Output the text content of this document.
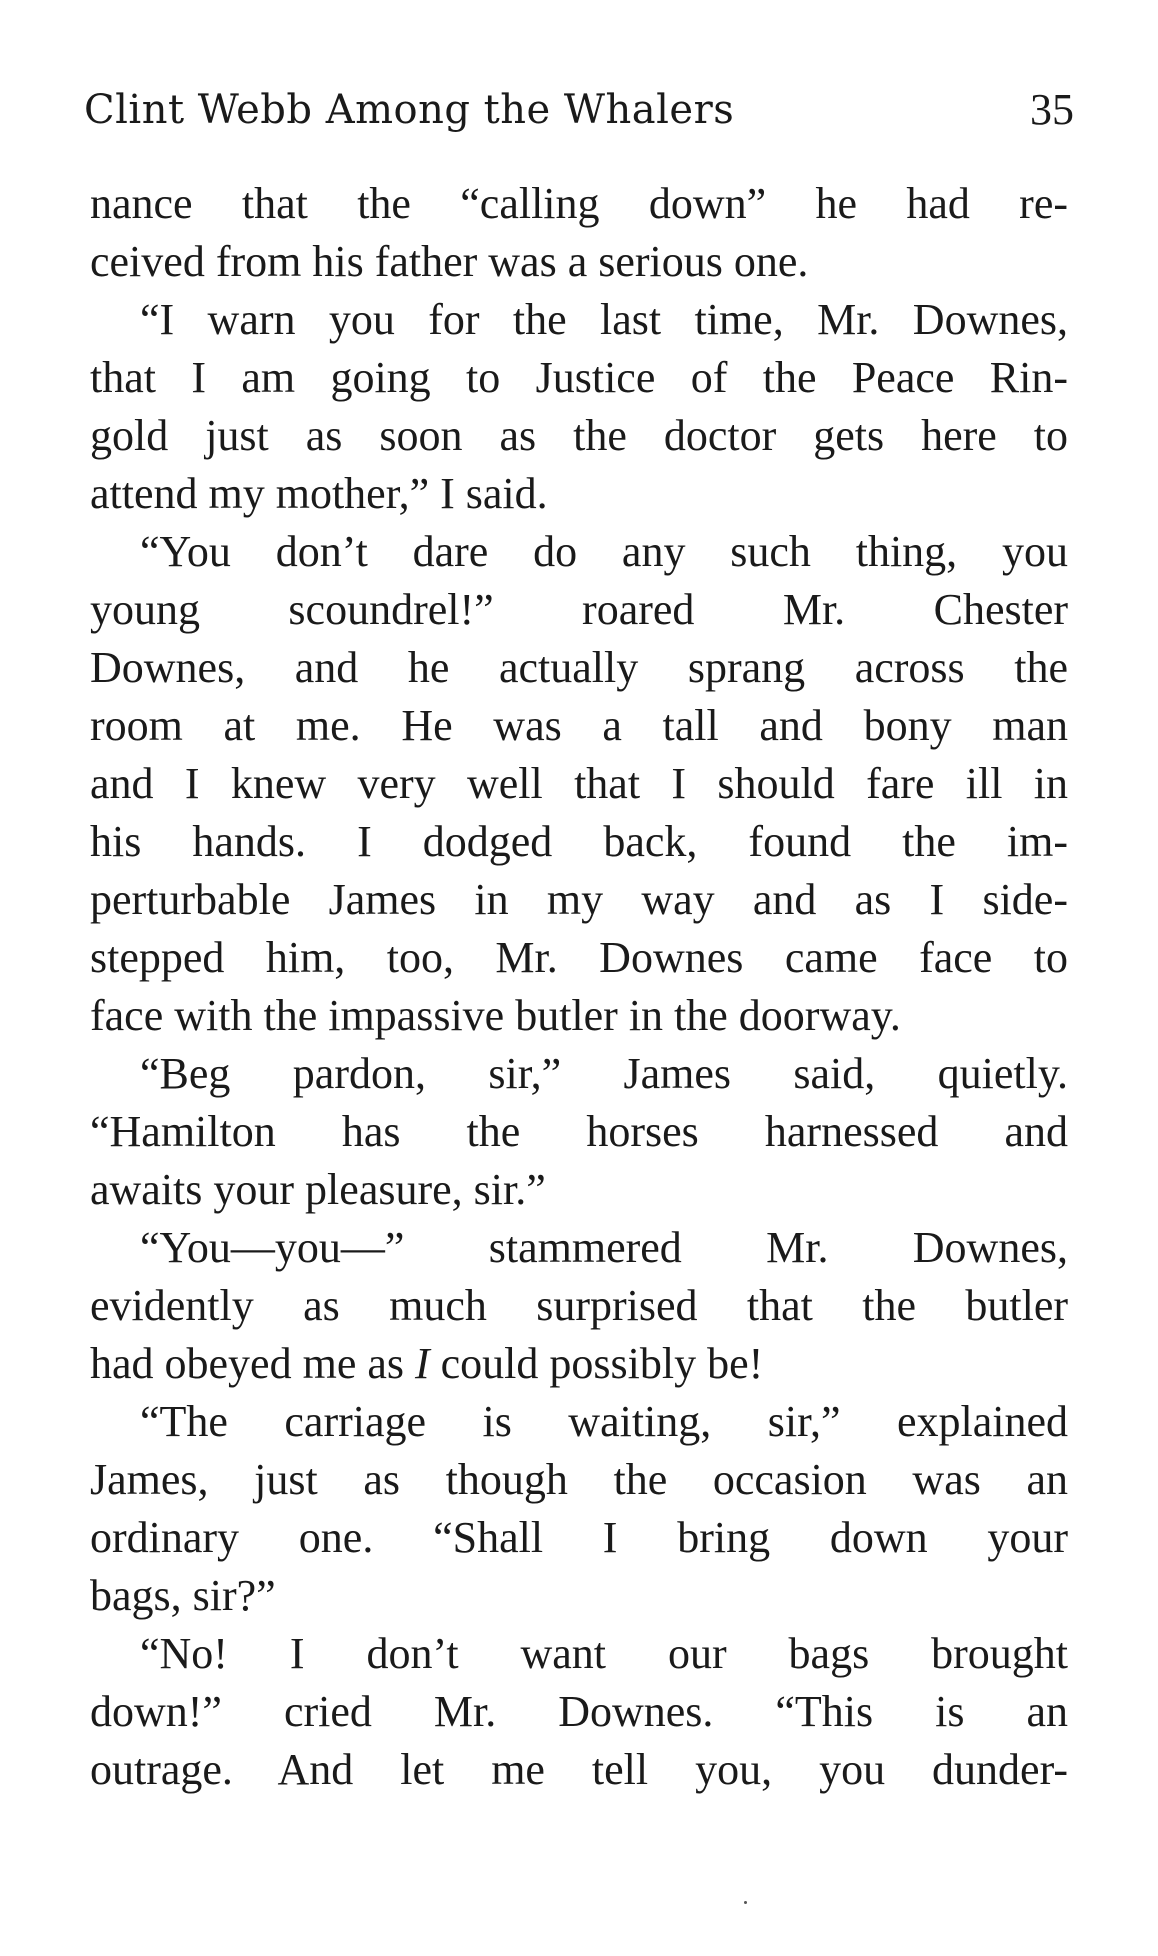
Clint Webb Among the Whalers	35
nance that the “calling down” he had re-
ceived from his father was a serious one.
“I warn you for the last time, Mr. Downes,
that I am going to Justice of the Peace Rin-
gold just as soon as the doctor gets here to
attend my mother,” I said.
“You don’t dare do any such thing, you
young scoundrel!” roared Mr. Chester
Downes, and he actually sprang across the
room at me. He was a tall and bony man
and I knew very well that I should fare ill in
his hands. I dodged back, found the im-
perturbable James in my way and as I side-
stepped him, too, Mr. Downes came face to
face with the impassive butler in the doorway.
“Beg pardon, sir,” James said, quietly.
“Hamilton has the horses harnessed and
awaits your pleasure, sir.”
“You—you—” stammered Mr. Downes,
evidently as much surprised that the butler
had obeyed me as I could possibly be!
“The carriage is waiting, sir,” explained
James, just as though the occasion was an
ordinary one. “Shall I bring down your
bags, sir?”
“No! I don’t want our bags brought
down!” cried Mr. Downes. “This is an
outrage. And let me tell you, you dunder-
